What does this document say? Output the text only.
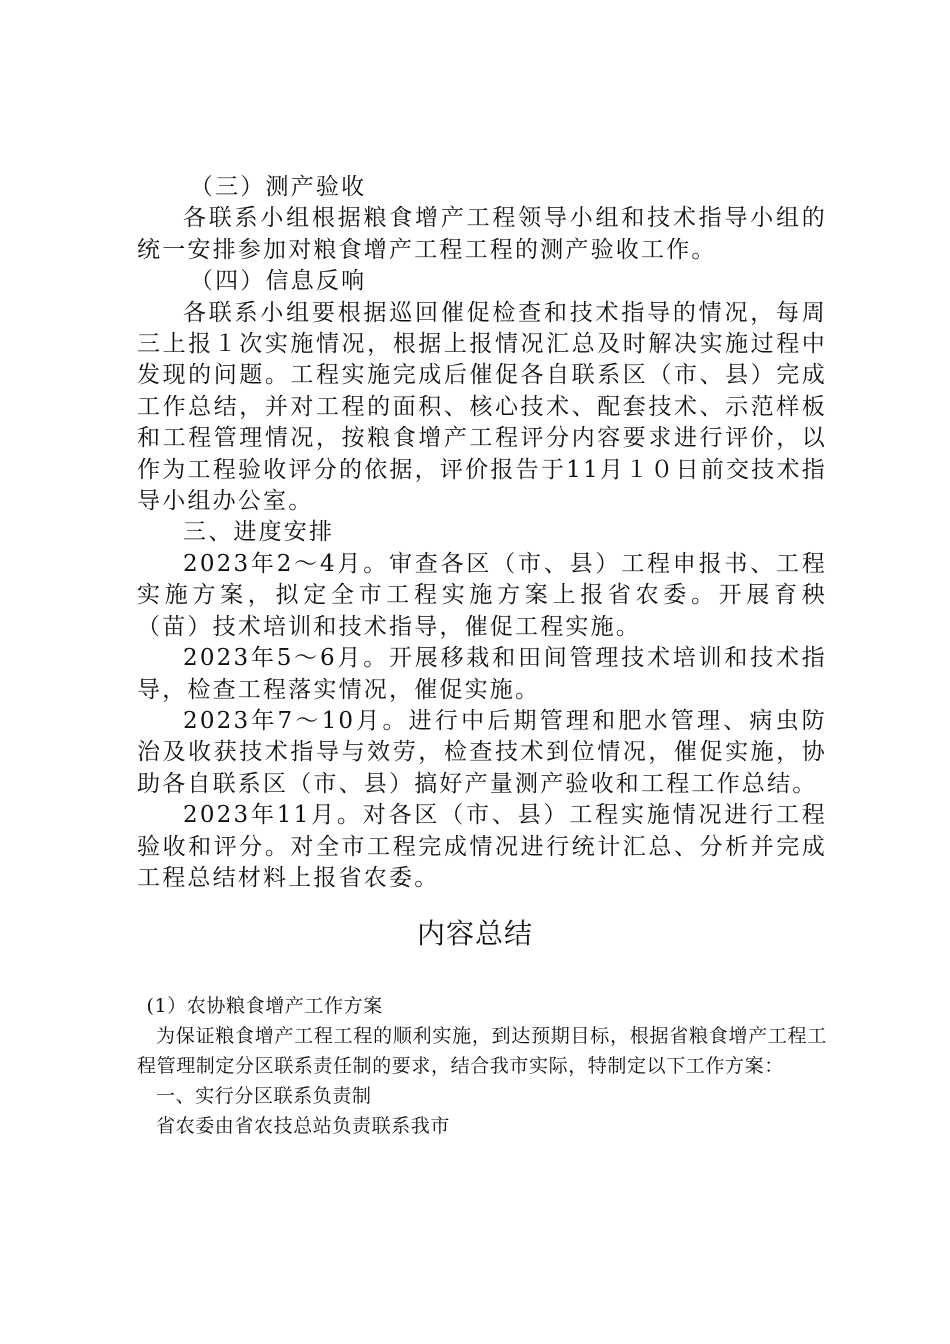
（三）测产验收

各联系小组根据粮食增产工程领导小组和技术指导小组的统一安排参加对粮食增产工程工程的测产验收工作。

（四）信息反响

各联系小组要根据巡回催促检查和技术指导的情况，每周三上报１次实施情况，根据上报情况汇总及时解决实施过程中发现的问题。工程实施完成后催促各自联系区（市、县）完成工作总结，并对工程的面积、核心技术、配套技术、示范样板和工程管理情况，按粮食增产工程评分内容要求进行评价，以作为工程验收评分的依据，评价报告于11月１０日前交技术指导小组办公室。

三、进度安排

2023年2～4月。审查各区（市、县）工程申报书、工程实施方案，拟定全市工程实施方案上报省农委。开展育秧（苗）技术培训和技术指导，催促工程实施。

2023年5～6月。开展移栽和田间管理技术培训和技术指导，检查工程落实情况，催促实施。

2023年7～10月。进行中后期管理和肥水管理、病虫防治及收获技术指导与效劳，检查技术到位情况，催促实施，协助各自联系区（市、县）搞好产量测产验收和工程工作总结。

2023年11月。对各区（市、县）工程实施情况进行工程验收和评分。对全市工程完成情况进行统计汇总、分析并完成工程总结材料上报省农委。

内容总结

(1）农协粮食增产工作方案

为保证粮食增产工程工程的顺利实施，到达预期目标，根据省粮食增产工程工程管理制定分区联系责任制的要求，结合我市实际，特制定以下工作方案：

一、实行分区联系负责制

省农委由省农技总站负责联系我市
